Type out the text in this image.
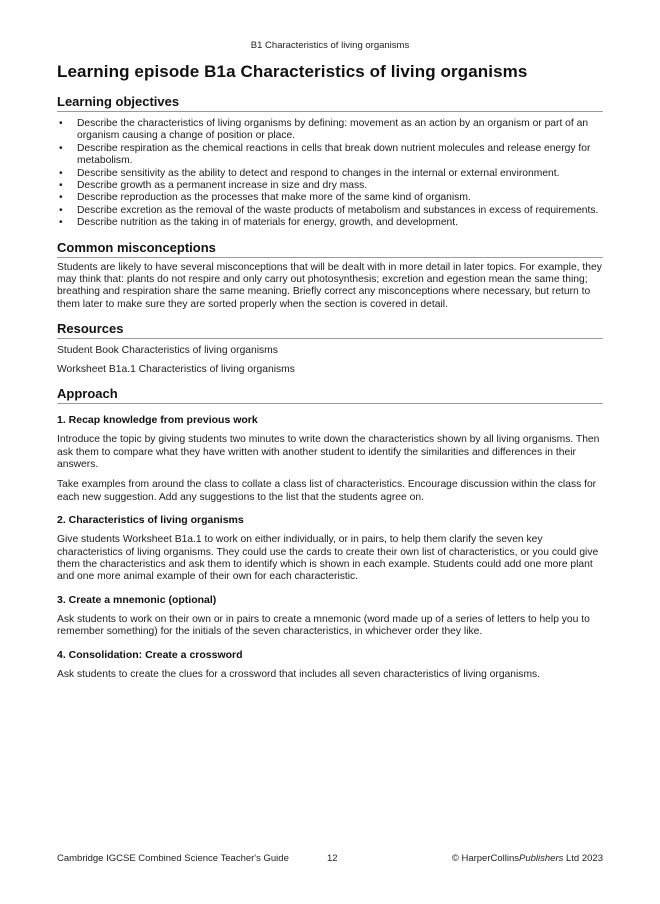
B1 Characteristics of living organisms
Learning episode B1a Characteristics of living organisms
Learning objectives
• Describe the characteristics of living organisms by defining: movement as an action by an organism or part of an organism causing a change of position or place.
• Describe respiration as the chemical reactions in cells that break down nutrient molecules and release energy for metabolism.
• Describe sensitivity as the ability to detect and respond to changes in the internal or external environment.
• Describe growth as a permanent increase in size and dry mass.
• Describe reproduction as the processes that make more of the same kind of organism.
• Describe excretion as the removal of the waste products of metabolism and substances in excess of requirements.
• Describe nutrition as the taking in of materials for energy, growth, and development.
Common misconceptions

Students are likely to have several misconceptions that will be dealt with in more detail in later topics. For example, they may think that: plants do not respire and only carry out photosynthesis; excretion and egestion mean the same thing; breathing and respiration share the same meaning. Briefly correct any misconceptions where necessary, but return to them later to make sure they are sorted properly when the section is covered in detail.

Resources

Student Book Characteristics of living organisms

Worksheet B1a.1 Characteristics of living organisms

Approach
1. Recap knowledge from previous work

Introduce the topic by giving students two minutes to write down the characteristics shown by all living organisms. Then ask them to compare what they have written with another student to identify the similarities and differences in their answers.

Take examples from around the class to collate a class list of characteristics. Encourage discussion within the class for each new suggestion. Add any suggestions to the list that the students agree on.

2. Characteristics of living organisms

Give students Worksheet B1a.1 to work on either individually, or in pairs, to help them clarify the seven key characteristics of living organisms. They could use the cards to create their own list of characteristics, or you could give them the characteristics and ask them to identify which is shown in each example. Students could add one more plant and one more animal example of their own for each characteristic.

3. Create a mnemonic (optional)

Ask students to work on their own or in pairs to create a mnemonic (word made up of a series of letters to help you to remember something) for the initials of the seven characteristics, in whichever order they like.

4. Consolidation: Create a crossword

Ask students to create the clues for a crossword that includes all seven characteristics of living organisms.

Cambridge IGCSE Combined Science Teacher's Guide	12	© HarperCollinsPublishers Ltd 2023
